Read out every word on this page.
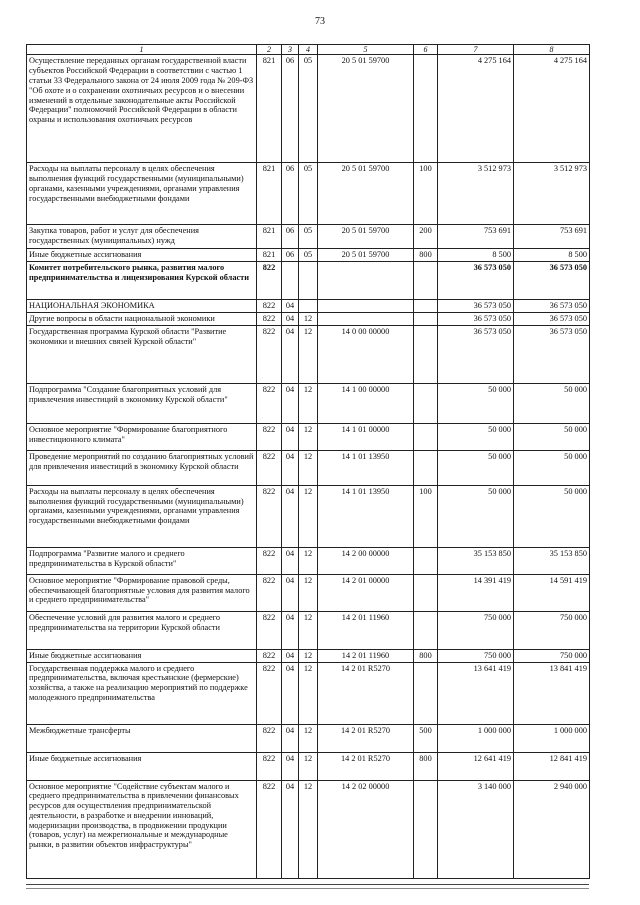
73
1	2	3	4	5	6	7	8
Осуществление переданных органам государственной власти субъектов Российской Федерации в соответствии с частью 1 статьи 33 Федерального закона от 24 июля 2009 года № 209-ФЗ "Об охоте и о сохранении охотничьих ресурсов и о внесении изменений в отдельные законодательные акты Российской Федерации" полномочий Российской Федерации в области охраны и использования охотничьих ресурсов	821	06	05	20 5 01 59700		4 275 164	4 275 164
Расходы на выплаты персоналу в целях обеспечения выполнения функций государственными (муниципальными) органами, казенными учреждениями, органами управления государственными внебюджетными фондами	821	06	05	20 5 01 59700	100	3 512 973	3 512 973
Закупка товаров, работ и услуг для обеспечения государственных (муниципальных) нужд	821	06	05	20 5 01 59700	200	753 691	753 691
Иные бюджетные ассигнования	821	06	05	20 5 01 59700	800	8 500	8 500
Комитет потребительского рынка, развития малого предпринимательства и лицензирования Курской области	822					36 573 050	36 573 050
НАЦИОНАЛЬНАЯ ЭКОНОМИКА	822	04				36 573 050	36 573 050
Другие вопросы в области национальной экономики	822	04	12			36 573 050	36 573 050
Государственная программа Курской области "Развитие экономики и внешних связей Курской области"	822	04	12	14 0 00 00000		36 573 050	36 573 050
Подпрограмма "Создание благоприятных условий для привлечения инвестиций в экономику Курской области"	822	04	12	14 1 00 00000		50 000	50 000
Основное мероприятие "Формирование благоприятного инвестиционного климата"	822	04	12	14 1 01 00000		50 000	50 000
Проведение мероприятий по созданию благоприятных условий для привлечения инвестиций в экономику Курской области	822	04	12	14 1 01 13950		50 000	50 000
Расходы на выплаты персоналу в целях обеспечения выполнения функций государственными (муниципальными) органами, казенными учреждениями, органами управления государственными внебюджетными фондами	822	04	12	14 1 01 13950	100	50 000	50 000
Подпрограмма "Развитие малого и среднего предпринимательства в Курской области"	822	04	12	14 2 00 00000		35 153 850	35 153 850
Основное мероприятие "Формирование правовой среды, обеспечивающей благоприятные условия для развития малого и среднего предпринимательства"	822	04	12	14 2 01 00000		14 391 419	14 591 419
Обеспечение условий для развития малого и среднего предпринимательства на территории Курской области	822	04	12	14 2 01 11960		750 000	750 000
Иные бюджетные ассигнования	822	04	12	14 2 01 11960	800	750 000	750 000
Государственная поддержка малого и среднего предпринимательства, включая крестьянские (фермерские) хозяйства, а также на реализацию мероприятий по поддержке молодежного предпринимательства	822	04	12	14 2 01 R5270		13 641 419	13 841 419
Межбюджетные трансферты	822	04	12	14 2 01 R5270	500	1 000 000	1 000 000
Иные бюджетные ассигнования	822	04	12	14 2 01 R5270	800	12 641 419	12 841 419
Основное мероприятие "Содействие субъектам малого и среднего предпринимательства в привлечении финансовых ресурсов для осуществления предпринимательской деятельности, в разработке и внедрении инноваций, модернизации производства, в продвижении продукции (товаров, услуг) на межрегиональные и международные рынки, в развитии объектов инфраструктуры"	822	04	12	14 2 02 00000		3 140 000	2 940 000
